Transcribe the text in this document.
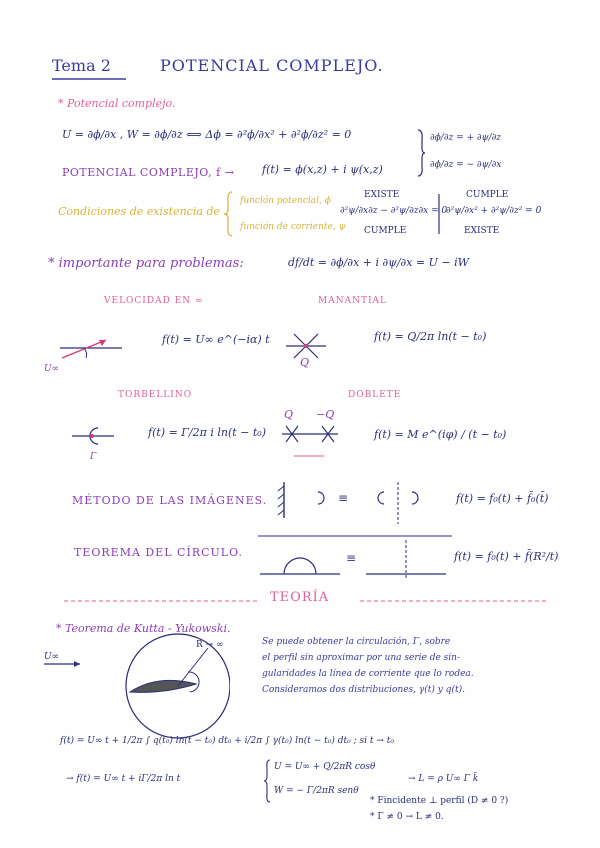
Tema 2	POTENCIAL COMPLEJO.
* Potencial complejo.
U = ∂ϕ/∂x , W = ∂ϕ/∂z ⟺ Δϕ = ∂²ϕ/∂x² + ∂²ϕ/∂z² = 0	∂ϕ/∂z = + ∂ψ/∂z
∂ϕ/∂z = − ∂ψ/∂x
POTENCIAL COMPLEJO, f →	f(t) = ϕ(x,z) + i ψ(x,z)
Condiciones de existencia de
función potencial, ϕ
función de corriente, ψ
EXISTE
∂²ψ/∂x∂z − ∂²ψ/∂z∂x = 0
CUMPLE
CUMPLE
∂²ψ/∂x² + ∂²ψ/∂z² = 0
EXISTE
* importante para problemas:	df/dt = ∂ϕ/∂x + i ∂ψ/∂x = U − iW
VELOCIDAD EN ∞	MANANTIAL
U∞
f(t) = U∞ e^(−iα) t
Q
f(t) = Q/2π ln(t − t₀)
TORBELLINO	DOBLETE
Γ
f(t) = Γ/2π i ln(t − t₀)
Q −Q
f(t) = M e^(iφ) / (t − t₀)
MÉTODO DE LAS IMÁGENES.	≡	f(t) = f₀(t) + f̄₀(t̄)
TEOREMA DEL CÍRCULO.	≡	f(t) = f₀(t) + f̄(R²/t)
TEORÍA
* Teorema de Kutta - Yukowski.
U∞
R → ∞	Se puede obtener la circulación, Γ, sobre
el perfil sin aproximar por una serie de sin-
gularidades la línea de corriente que lo rodea.
Consideramos dos distribuciones, γ(t) y q(t).
f(t) = U∞ t + 1/2π ∫ q(t₀) ln(t − t₀) dt₀ + i/2π ∫ γ(t₀) ln(t − t₀) dt₀ ; si t → t₀
→ f(t) = U∞ t + iΓ/2π ln t
U = U∞ + Q/2πR cosθ
W = − Γ/2πR senθ
→ L = ρ U∞ Γ k̄
* Fincidente ⊥ perfil (D ≠ 0 ?)
* Γ ≠ 0 → L ≠ 0.
